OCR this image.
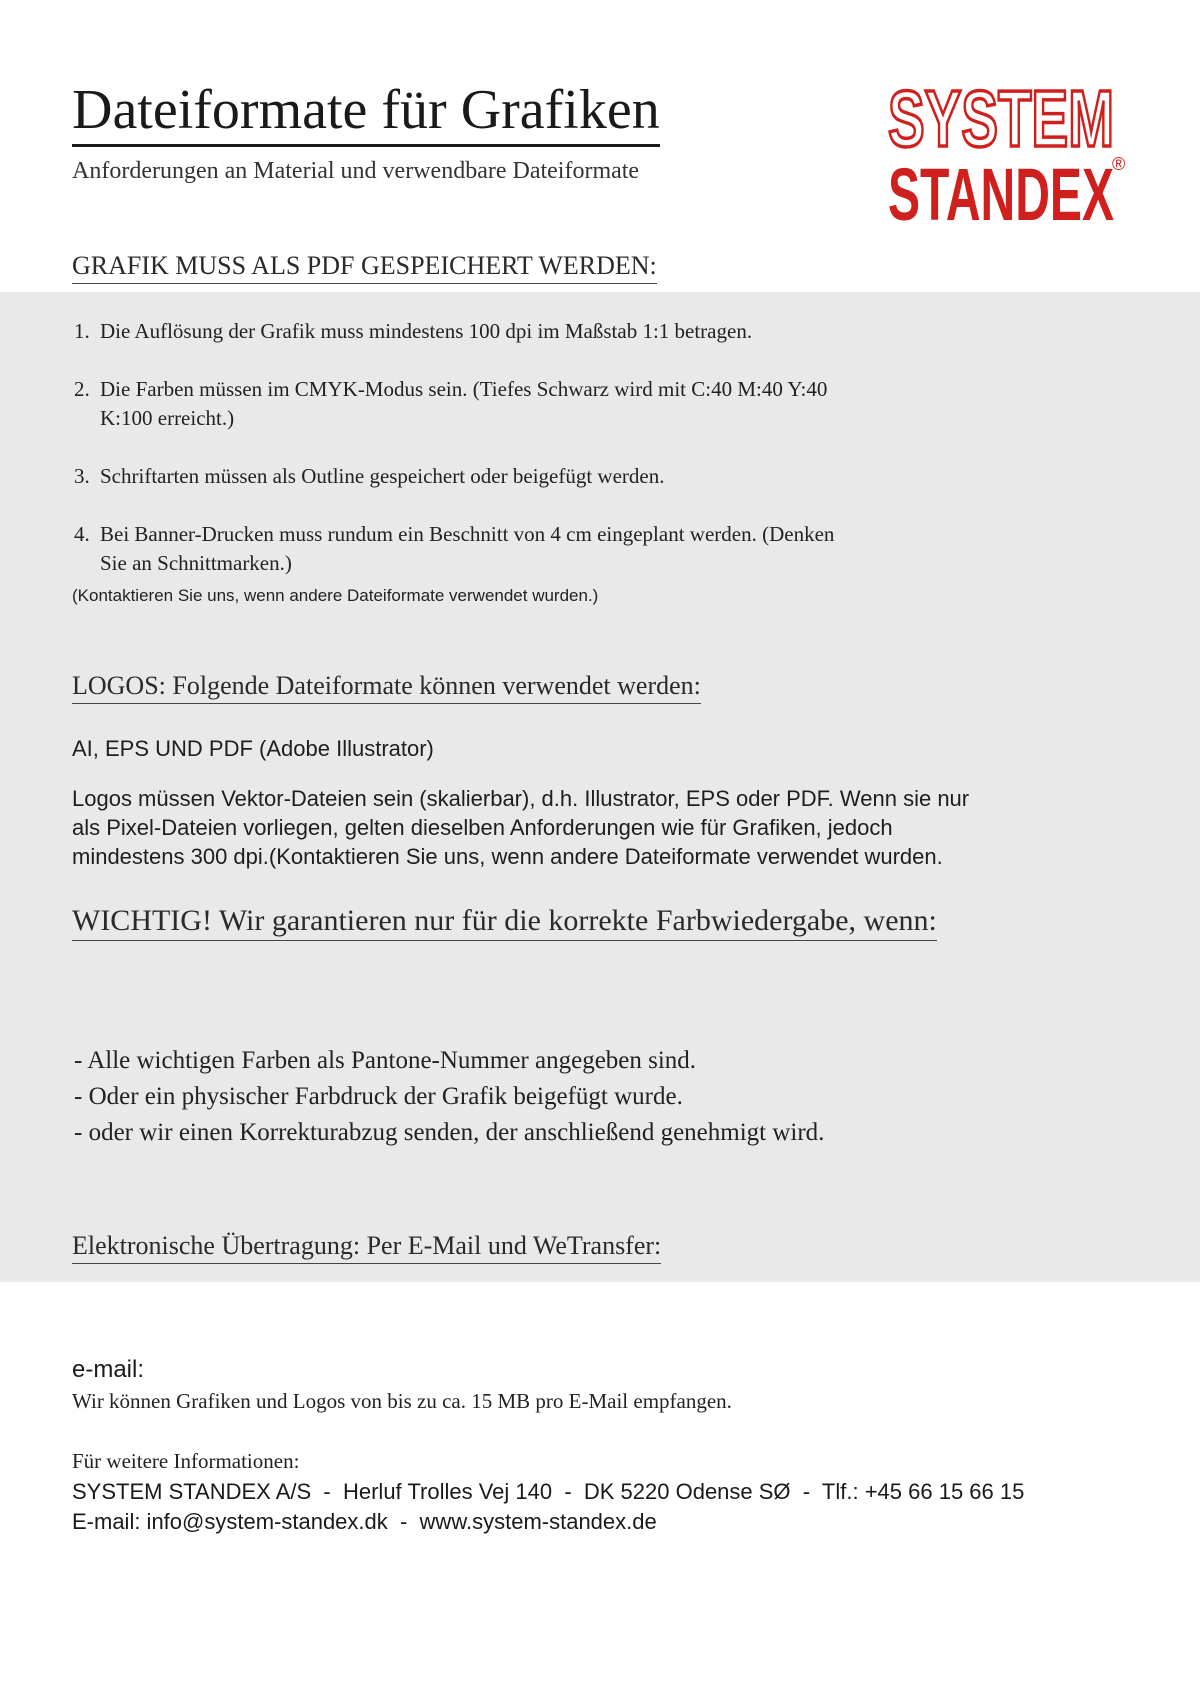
Dateiformate für Grafiken
Anforderungen an Material und verwendbare Dateiformate
SYSTEM
STANDEX
®
GRAFIK MUSS ALS PDF GESPEICHERT WERDEN:
1. Die Auflösung der Grafik muss mindestens 100 dpi im Maßstab 1:1 betragen.
2. Die Farben müssen im CMYK-Modus sein. (Tiefes Schwarz wird mit C:40 M:40 Y:40
K:100 erreicht.)
3. Schriftarten müssen als Outline gespeichert oder beigefügt werden.
4. Bei Banner-Drucken muss rundum ein Beschnitt von 4 cm eingeplant werden. (Denken
Sie an Schnittmarken.)
(Kontaktieren Sie uns, wenn andere Dateiformate verwendet wurden.)
LOGOS: Folgende Dateiformate können verwendet werden:
AI, EPS UND PDF (Adobe Illustrator)
Logos müssen Vektor-Dateien sein (skalierbar), d.h. Illustrator, EPS oder PDF. Wenn sie nur
als Pixel-Dateien vorliegen, gelten dieselben Anforderungen wie für Grafiken, jedoch
mindestens 300 dpi.(Kontaktieren Sie uns, wenn andere Dateiformate verwendet wurden.
WICHTIG! Wir garantieren nur für die korrekte Farbwiedergabe, wenn:
- Alle wichtigen Farben als Pantone-Nummer angegeben sind.
- Oder ein physischer Farbdruck der Grafik beigefügt wurde.
- oder wir einen Korrekturabzug senden, der anschließend genehmigt wird.
Elektronische Übertragung: Per E-Mail und WeTransfer:
e-mail:
Wir können Grafiken und Logos von bis zu ca. 15 MB pro E-Mail empfangen.
Für weitere Informationen:
SYSTEM STANDEX A/S  -  Herluf Trolles Vej 140  -  DK 5220 Odense SØ  -  Tlf.: +45 66 15 66 15
E-mail: info@system-standex.dk  -  www.system-standex.de
